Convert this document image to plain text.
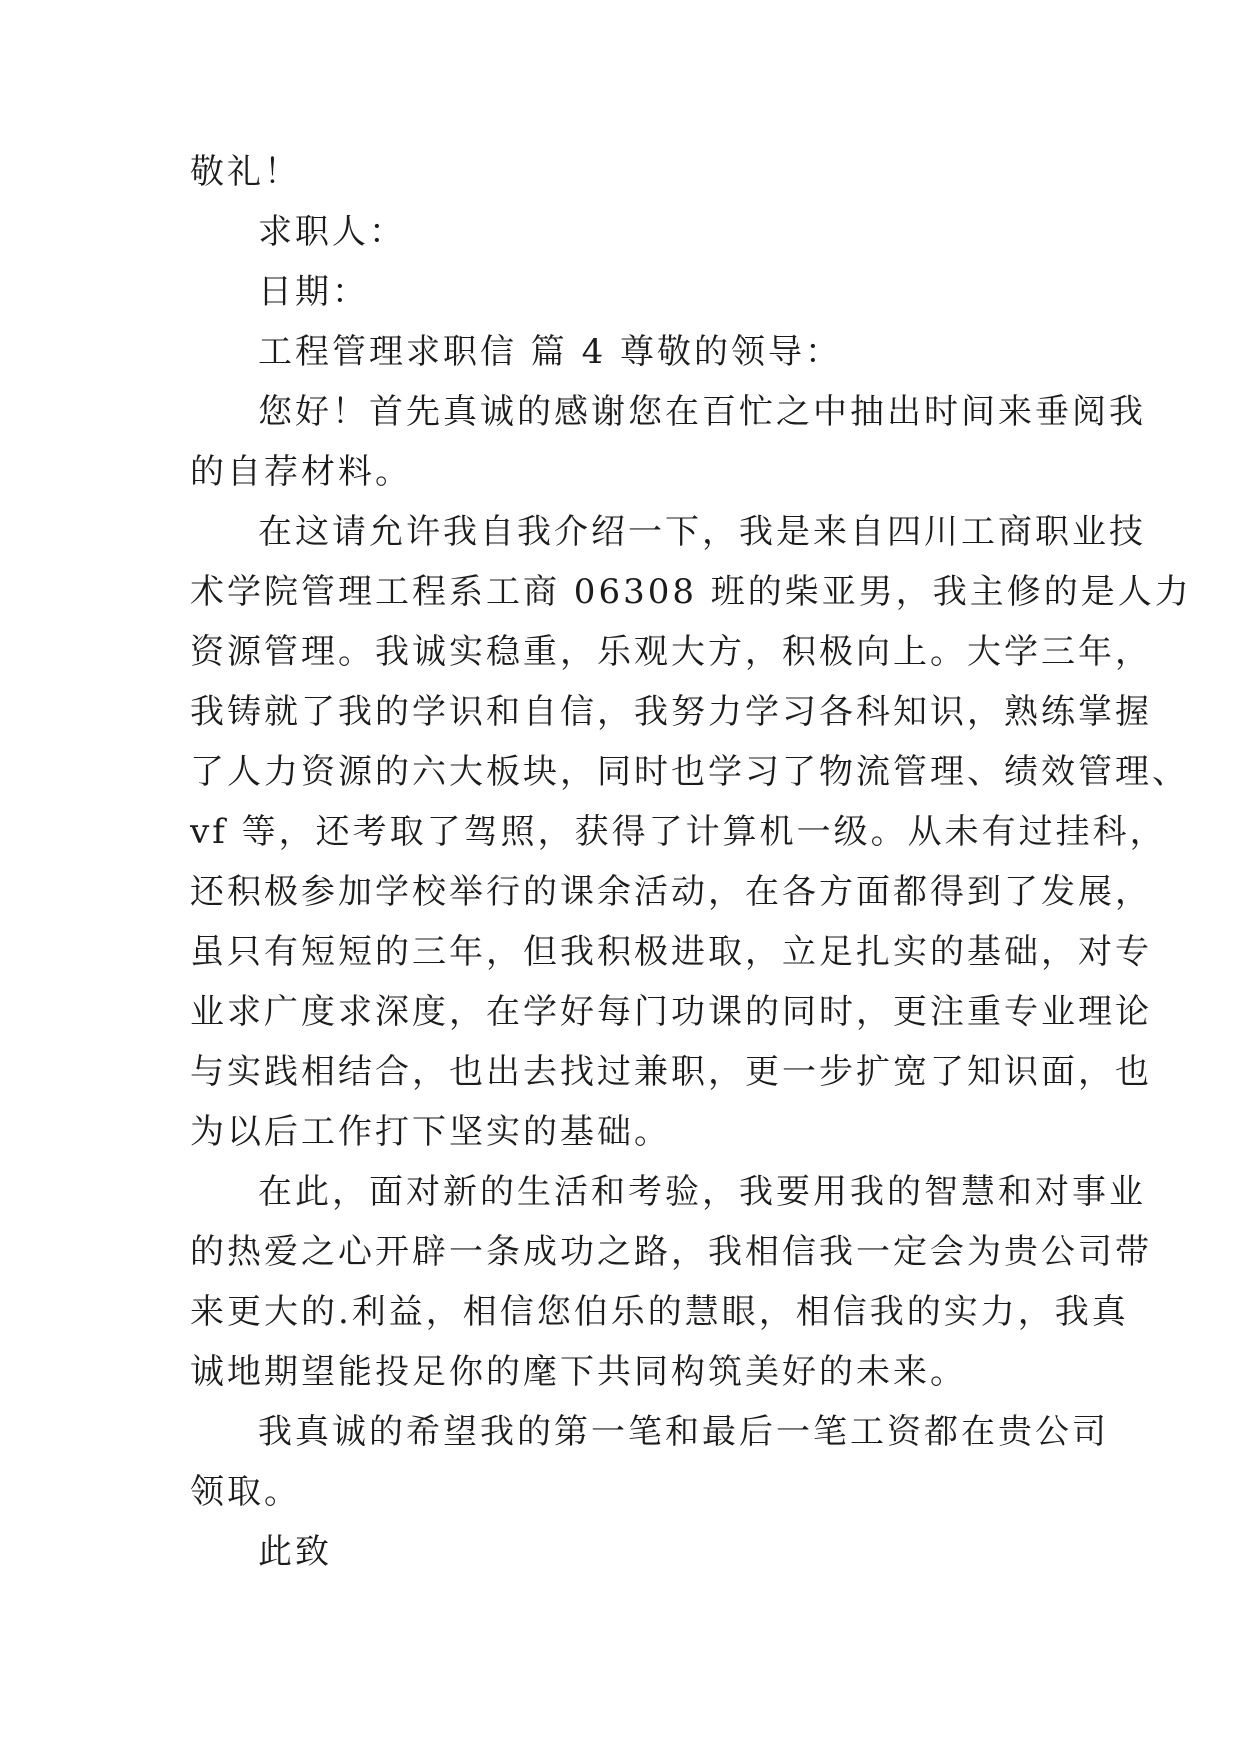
敬礼！
求职人：
日期：
工程管理求职信 篇 4 尊敬的领导：
您好！首先真诚的感谢您在百忙之中抽出时间来垂阅我
的自荐材料。
在这请允许我自我介绍一下，我是来自四川工商职业技
术学院管理工程系工商 06308 班的柴亚男，我主修的是人力
资源管理。我诚实稳重，乐观大方，积极向上。大学三年，
我铸就了我的学识和自信，我努力学习各科知识，熟练掌握
了人力资源的六大板块，同时也学习了物流管理、绩效管理、
vf 等，还考取了驾照，获得了计算机一级。从未有过挂科，
还积极参加学校举行的课余活动，在各方面都得到了发展，
虽只有短短的三年，但我积极进取，立足扎实的基础，对专
业求广度求深度，在学好每门功课的同时，更注重专业理论
与实践相结合，也出去找过兼职，更一步扩宽了知识面，也
为以后工作打下坚实的基础。
在此，面对新的生活和考验，我要用我的智慧和对事业
的热爱之心开辟一条成功之路，我相信我一定会为贵公司带
来更大的.利益，相信您伯乐的慧眼，相信我的实力，我真
诚地期望能投足你的麾下共同构筑美好的未来。
我真诚的希望我的第一笔和最后一笔工资都在贵公司
领取。
此致
